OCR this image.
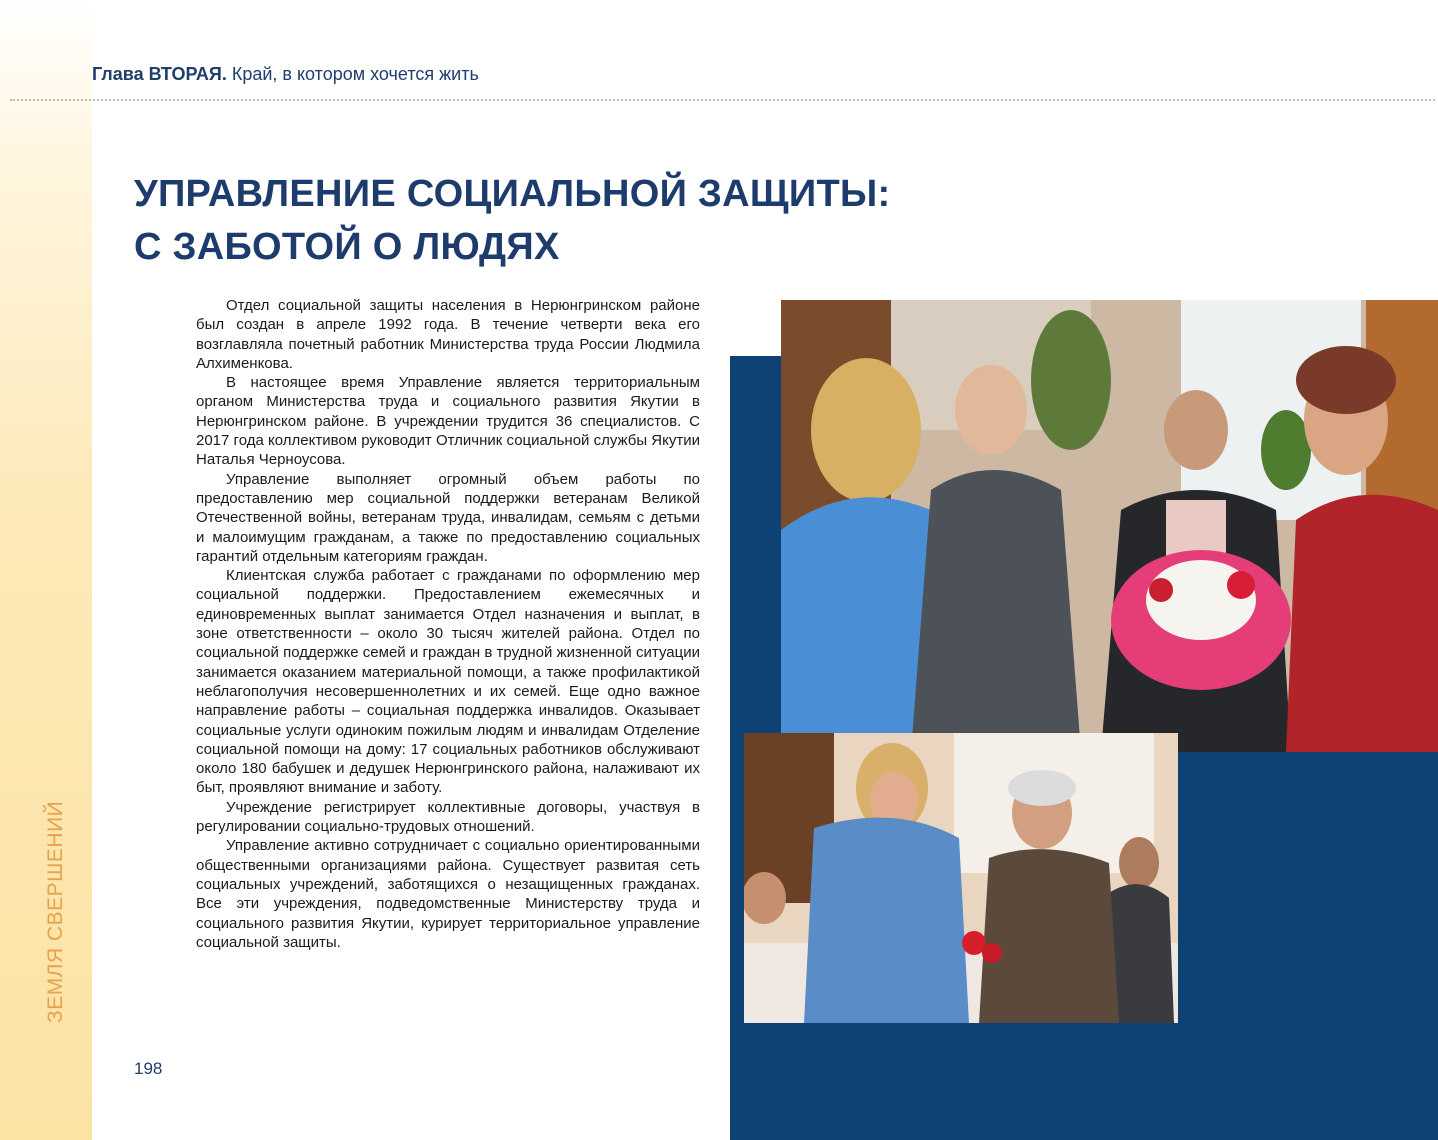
ЗЕМЛЯ СВЕРШЕНИЙ
Глава ВТОРАЯ. Край, в котором хочется жить
УПРАВЛЕНИЕ СОЦИАЛЬНОЙ ЗАЩИТЫ:
С ЗАБОТОЙ О ЛЮДЯХ

Отдел социальной защиты населения в Нерюнгринском районе был создан в апреле 1992 года. В течение четверти века его возглавляла почетный работник Министерства труда России Людмила Алхименкова.

В настоящее время Управление является территориальным органом Министерства труда и социального развития Якутии в Нерюнгринском районе. В учреждении трудится 36 специалистов. С 2017 года коллективом руководит Отличник социальной службы Якутии Наталья Черноусова.

Управление выполняет огромный объем работы по предоставлению мер социальной поддержки ветеранам Великой Отечественной войны, ветеранам труда, инвалидам, семьям с детьми и малоимущим гражданам, а также по предоставлению социальных гарантий отдельным категориям граждан.

Клиентская служба работает с гражданами по оформлению мер социальной поддержки. Предоставлением ежемесячных и единовременных выплат занимается Отдел назначения и выплат, в зоне ответственности – около 30 тысяч жителей района. Отдел по социальной поддержке семей и граждан в трудной жизненной ситуации занимается оказанием материальной помощи, а также профилактикой неблагополучия несовершеннолетних и их семей. Еще одно важное направление работы – социальная поддержка инвалидов. Оказывает социальные услуги одиноким пожилым людям и инвалидам Отделение социальной помощи на дому: 17 социальных работников обслуживают около 180 бабушек и дедушек Нерюнгринского района, налаживают их быт, проявляют внимание и заботу.

Учреждение регистрирует коллективные договоры, участвуя в регулировании социально-трудовых отношений.

Управление активно сотрудничает с социально ориентированными общественными организациями района. Существует развитая сеть социальных учреждений, заботящихся о незащищенных гражданах. Все эти учреждения, подведомственные Министерству труда и социального развития Якутии, курирует территориальное управление социальной защиты.

198
